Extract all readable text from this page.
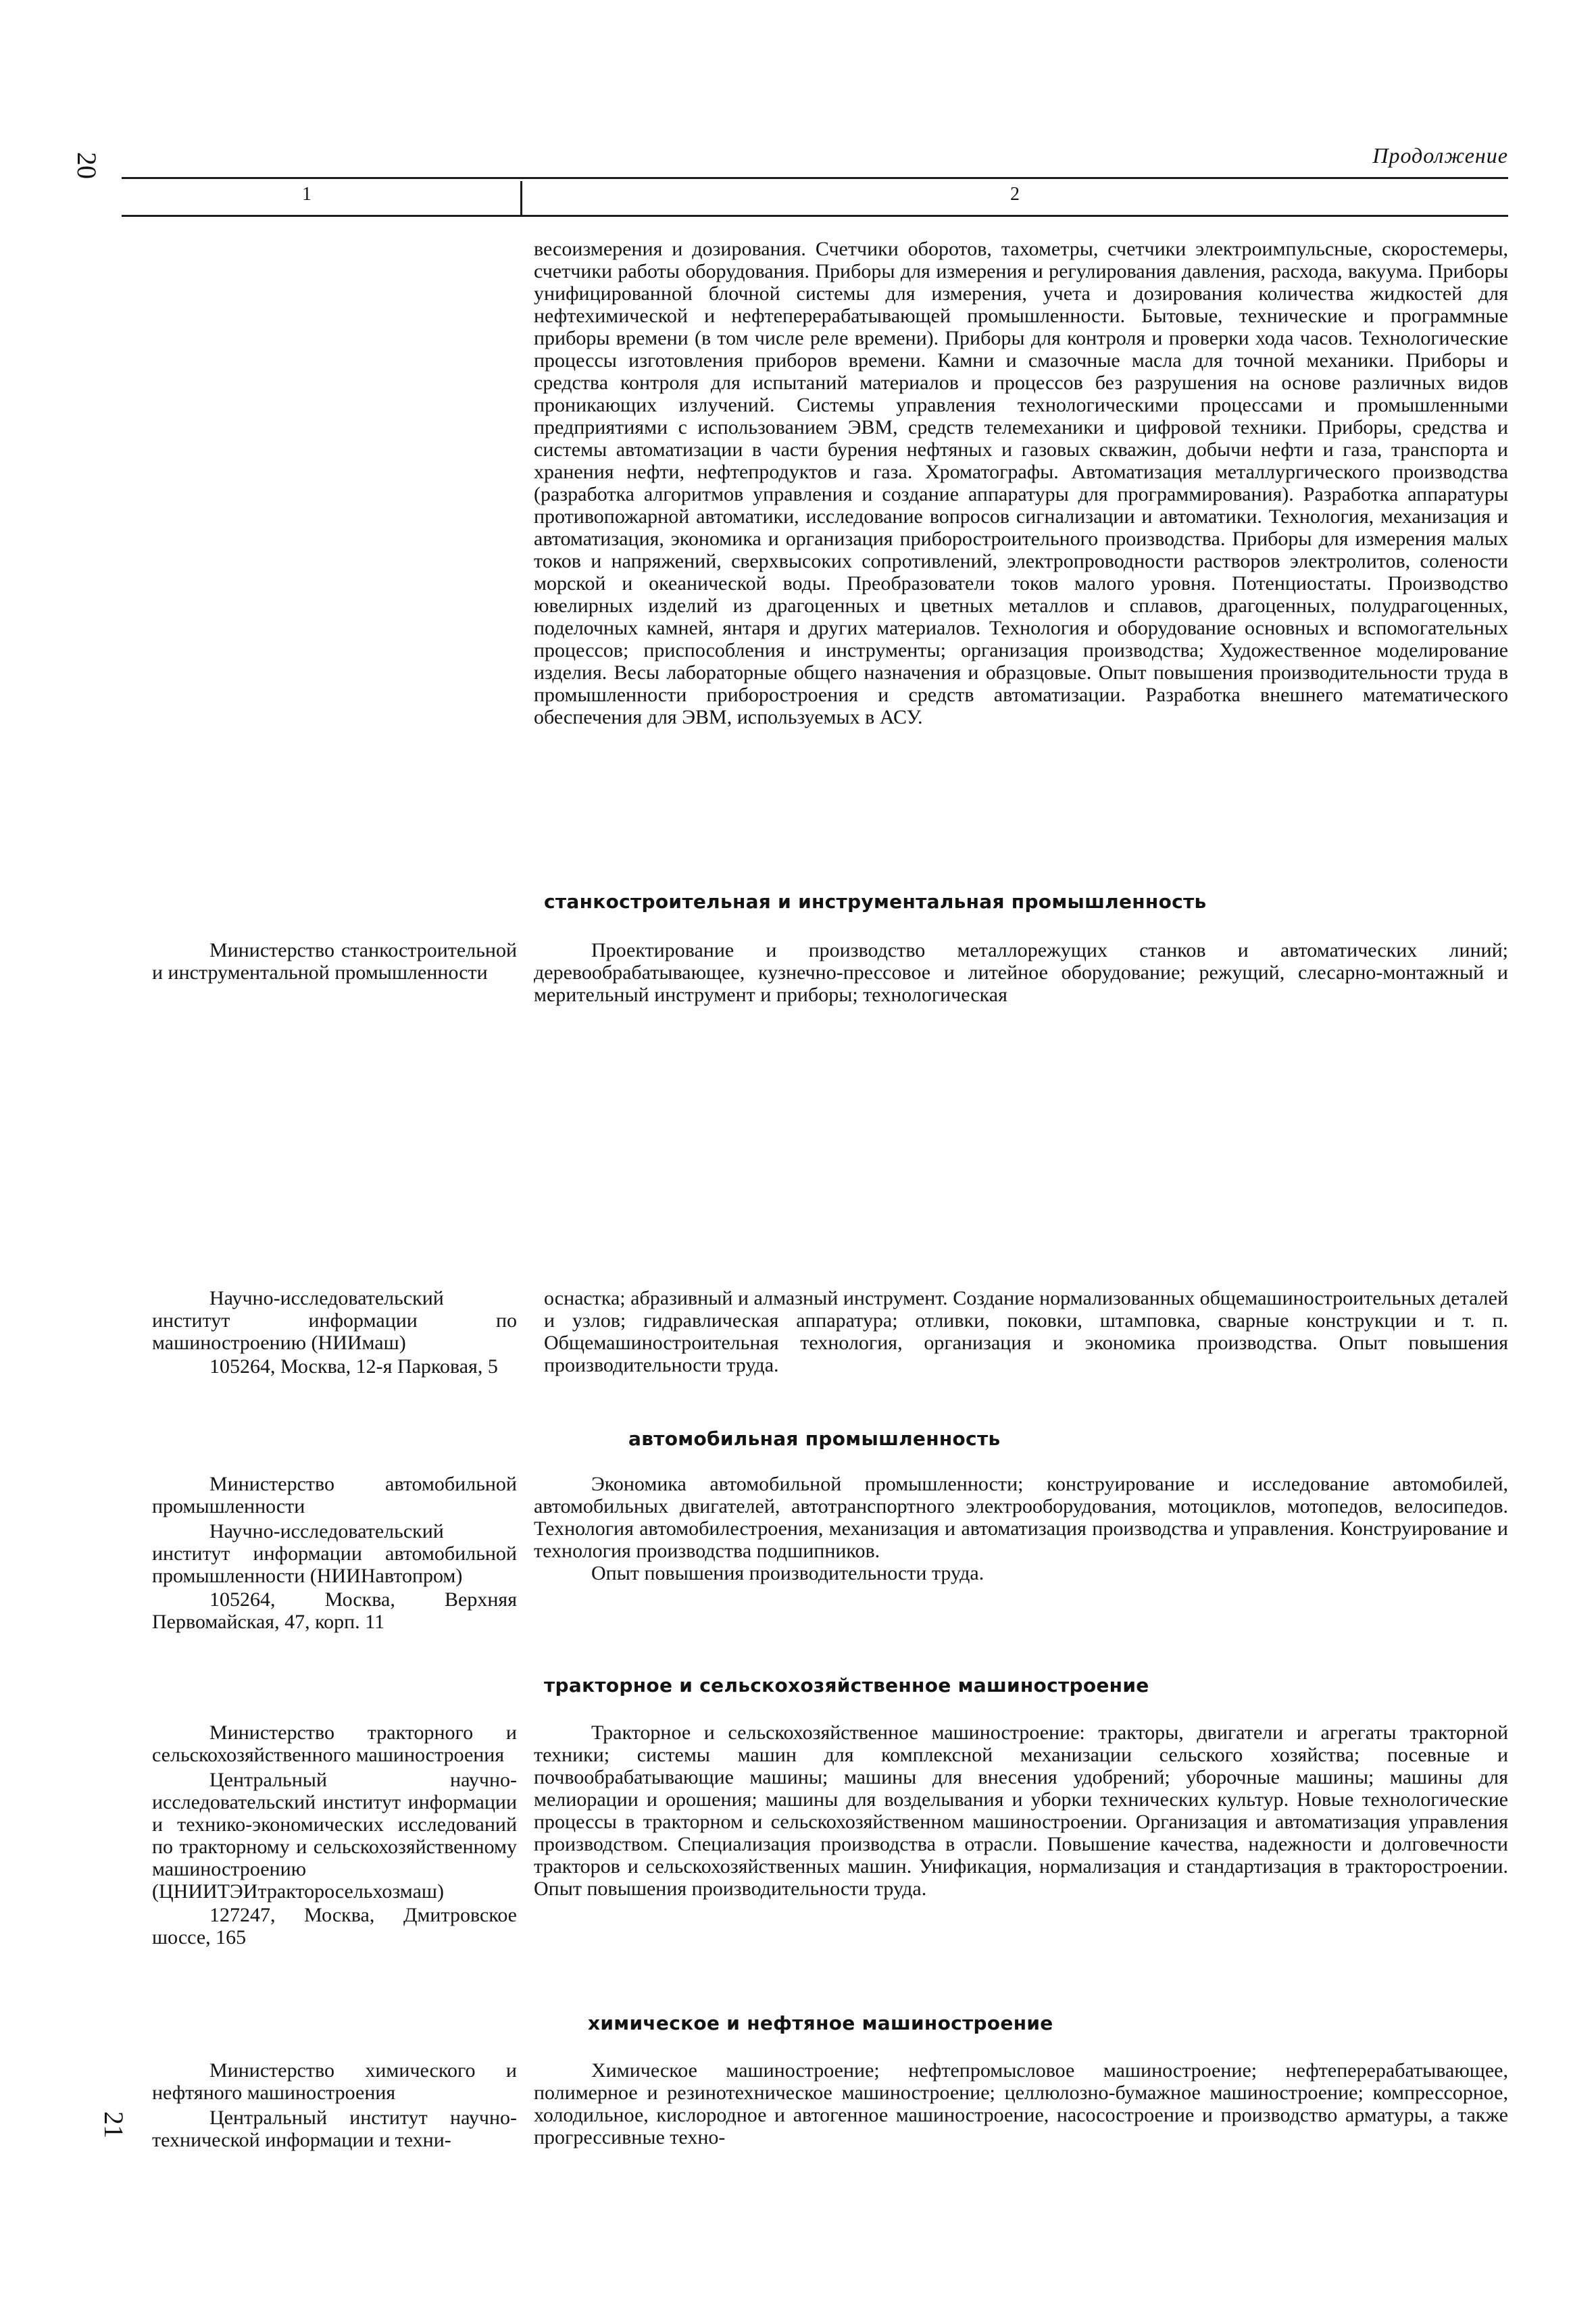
20	Продолжение
1	2

весоизмерения и дозирования. Счетчики оборотов, тахометры, счетчики электроимпульсные, скоростемеры, счетчики работы оборудования. Приборы для измерения и регулирования давления, расхода, вакуума. Приборы унифицированной блочной системы для измерения, учета и дозирования количества жидкостей для нефтехимической и нефтеперерабатывающей промышленности. Бытовые, технические и программные приборы времени (в том числе реле времени). Приборы для контроля и проверки хода часов. Технологические процессы изготовления приборов времени. Камни и смазочные масла для точной механики. Приборы и средства контроля для испытаний материалов и процессов без разрушения на основе различных видов проникающих излучений. Системы управления технологическими процессами и промышленными предприятиями с использованием ЭВМ, средств телемеханики и цифровой техники. Приборы, средства и системы автоматизации в части бурения нефтяных и газовых скважин, добычи нефти и газа, транспорта и хранения нефти, нефтепродуктов и газа. Хроматографы. Автоматизация металлургического производства (разработка алгоритмов управления и создание аппаратуры для программирования). Разработка аппаратуры противопожарной автоматики, исследование вопросов сигнализации и автоматики. Технология, механизация и автоматизация, экономика и организация приборостроительного производства. Приборы для измерения малых токов и напряжений, сверхвысоких сопротивлений, электропроводности растворов электролитов, солености морской и океанической воды. Преобразователи токов малого уровня. Потенциостаты. Производство ювелирных изделий из драгоценных и цветных металлов и сплавов, драгоценных, полудрагоценных, поделочных камней, янтаря и других материалов. Технология и оборудование основных и вспомогательных процессов; приспособления и инструменты; организация производства; Художественное моделирование изделия. Весы лабораторные общего назначения и образцовые. Опыт повышения производительности труда в промышленности приборостроения и средств автоматизации. Разработка внешнего математического обеспечения для ЭВМ, используемых в АСУ.

станкостроительная и инструментальная промышленность

Министерство станкостроительной и инструментальной промышленности

Проектирование и производство металлорежущих станков и автоматических линий; деревообрабатывающее, кузнечно-прессовое и литейное оборудование; режущий, слесарно-монтажный и мерительный инструмент и приборы; технологическая

Научно-исследовательский институт информации по машиностроению (НИИмаш)

105264, Москва, 12-я Парковая, 5

оснастка; абразивный и алмазный инструмент. Создание нормализованных общемашиностроительных деталей и узлов; гидравлическая аппаратура; отливки, поковки, штамповка, сварные конструкции и т. п. Общемашиностроительная технология, организация и экономика производства. Опыт повышения производительности труда.

автомобильная промышленность

Министерство автомобильной промышленности

Научно-исследовательский институт информации автомобильной промышленности (НИИНавтопром)

105264, Москва, Верхняя Первомайская, 47, корп. 11

Экономика автомобильной промышленности; конструирование и исследование автомобилей, автомобильных двигателей, автотранспортного электрооборудования, мотоциклов, мотопедов, велосипедов. Технология автомобилестроения, механизация и автоматизация производства и управления. Конструирование и технология производства подшипников.

Опыт повышения производительности труда.

тракторное и сельскохозяйственное машиностроение

Министерство тракторного и сельскохозяйственного машиностроения

Центральный научно-исследовательский институт информации и технико-экономических исследований по тракторному и сельскохозяйственному машиностроению (ЦНИИТЭИтракторосельхозмаш)

127247, Москва, Дмитровское шоссе, 165

Тракторное и сельскохозяйственное машиностроение: тракторы, двигатели и агрегаты тракторной техники; системы машин для комплексной механизации сельского хозяйства; посевные и почвообрабатывающие машины; машины для внесения удобрений; уборочные машины; машины для мелиорации и орошения; машины для возделывания и уборки технических культур. Новые технологические процессы в тракторном и сельскохозяйственном машиностроении. Организация и автоматизация управления производством. Специализация производства в отрасли. Повышение качества, надежности и долговечности тракторов и сельскохозяйственных машин. Унификация, нормализация и стандартизация в тракторостроении. Опыт повышения производительности труда.

химическое и нефтяное машиностроение

Министерство химического и нефтяного машиностроения

Центральный институт научно-технической информации и техни-

Химическое машиностроение; нефтепромысловое машиностроение; нефтеперерабатывающее, полимерное и резинотехническое машиностроение; целлюлозно-бумажное машиностроение; компрессорное, холодильное, кислородное и автогенное машиностроение, насосостроение и производство арматуры, а также прогрессивные техно-

21
